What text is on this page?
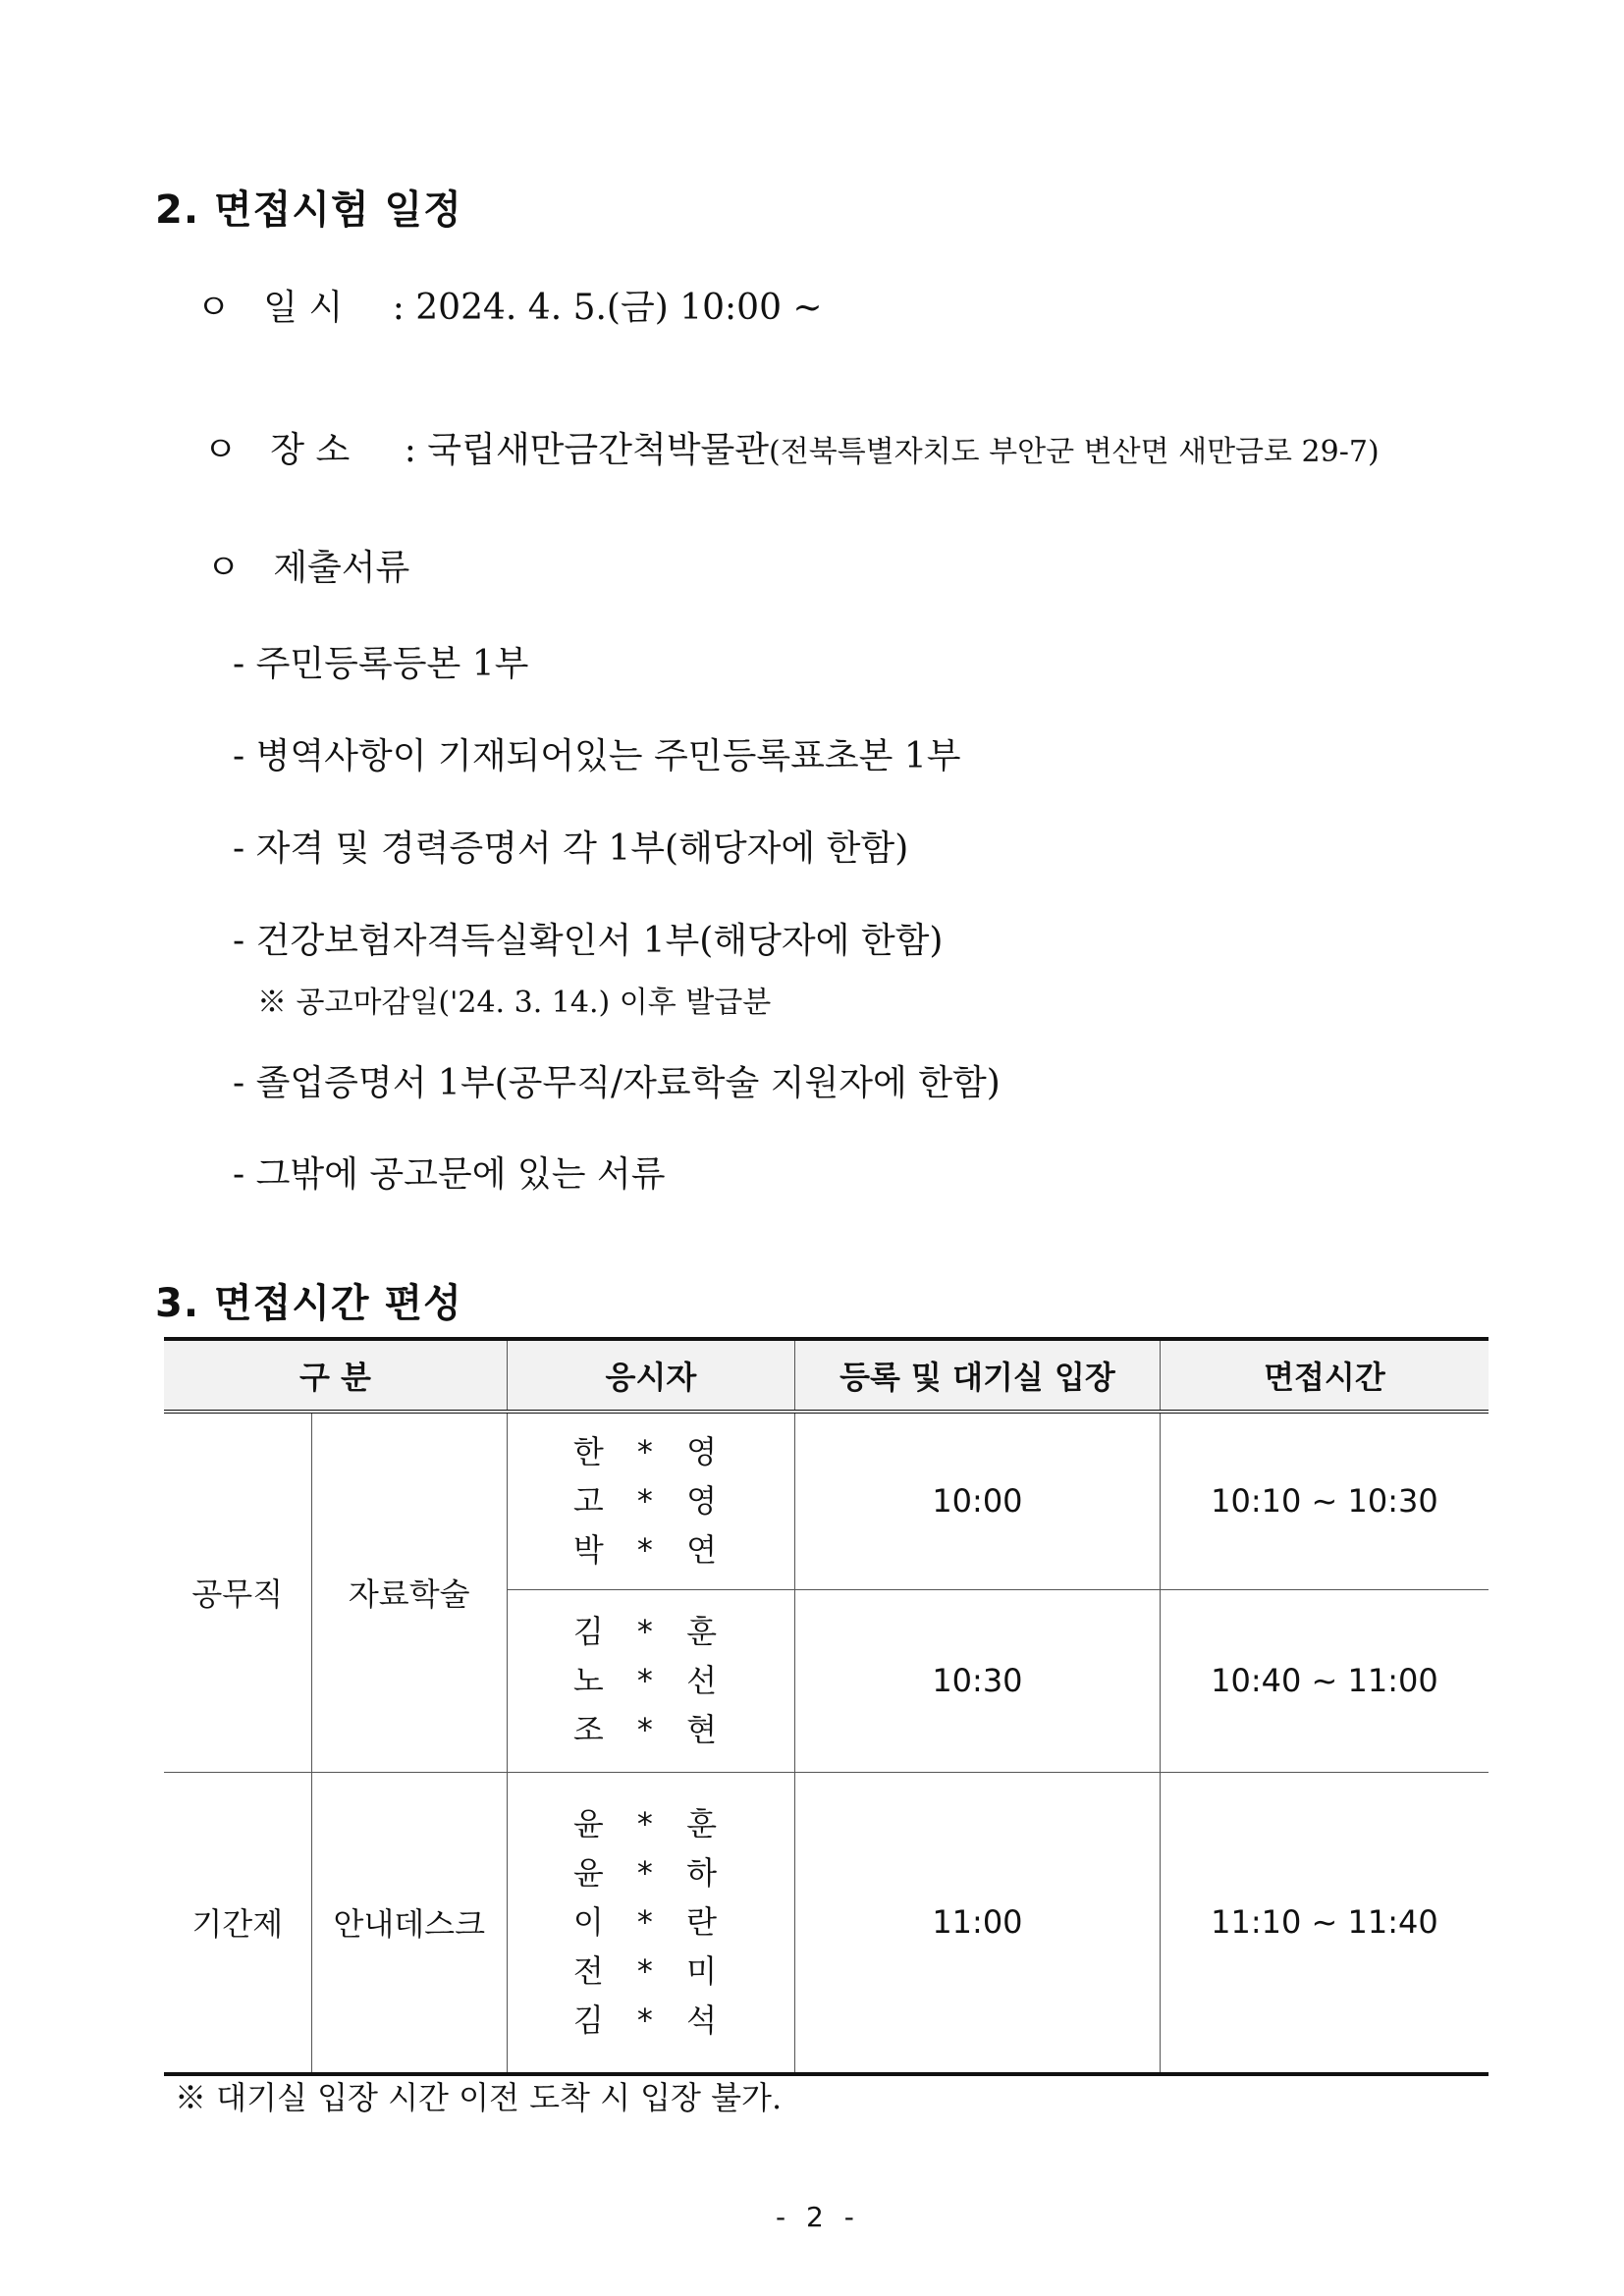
2. 면접시험 일정
ㅇ 일 시 : 2024. 4. 5.(금) 10:00 ~
ㅇ 장 소 : 국립새만금간척박물관(전북특별자치도 부안군 변산면 새만금로 29-7)
ㅇ 제출서류
- 주민등록등본 1부
- 병역사항이 기재되어있는 주민등록표초본 1부
- 자격 및 경력증명서 각 1부(해당자에 한함)
- 건강보험자격득실확인서 1부(해당자에 한함)
※ 공고마감일('24. 3. 14.) 이후 발급분
- 졸업증명서 1부(공무직/자료학술 지원자에 한함)
- 그밖에 공고문에 있는 서류
3. 면접시간 편성
구 분		응시자	등록 및 대기실 입장	면접시간
공무직	자료학술	한 * 영
고 * 영
박 * 연	10:00	10:10 ~ 10:30

		김 * 훈
노 * 선
조 * 현	10:30	10:40 ~ 11:00
기간제	안내데스크	윤 * 훈
윤 * 하
이 * 란
전 * 미
김 * 석	11:00	11:10 ~ 11:40
※ 대기실 입장 시간 이전 도착 시 입장 불가.
- 2 -
